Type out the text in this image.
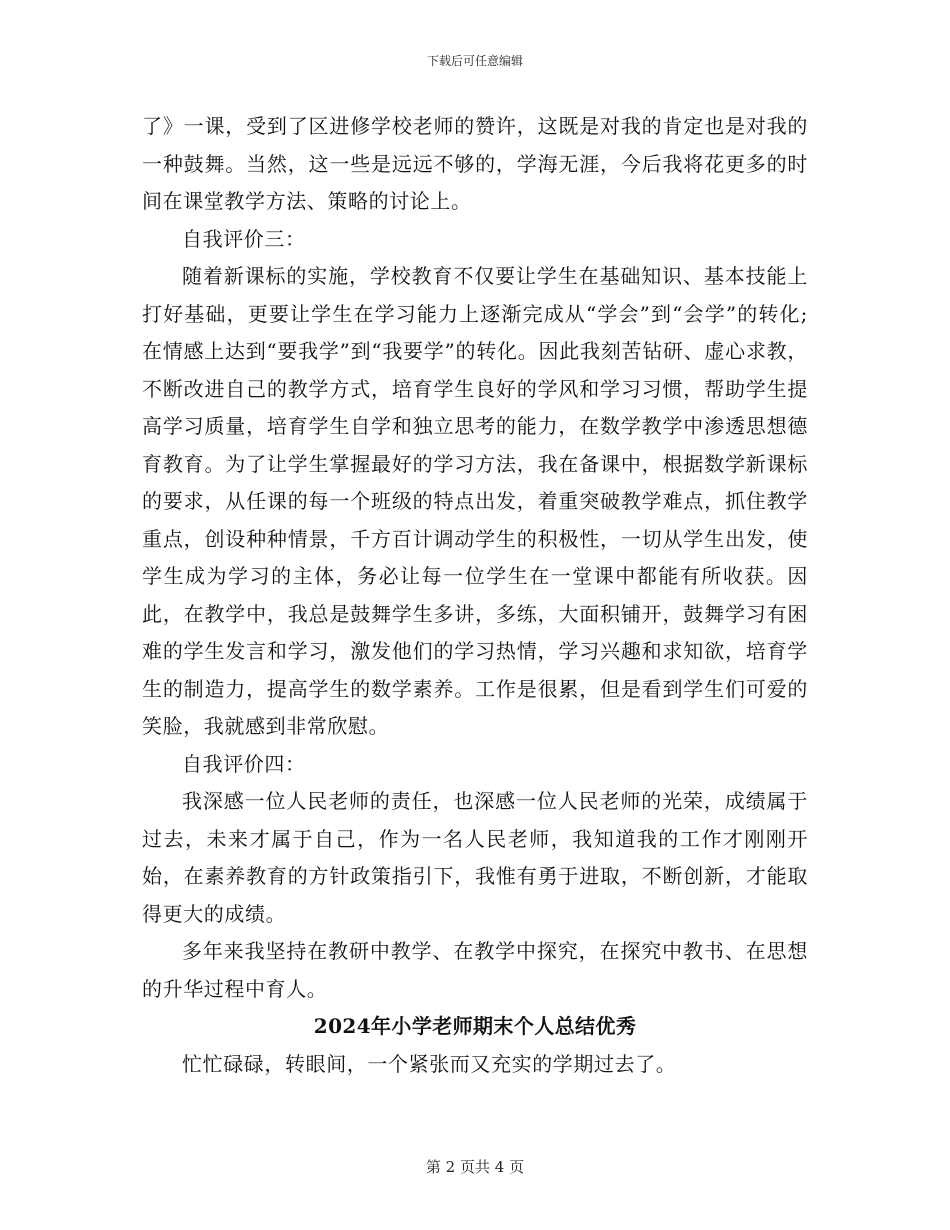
下载后可任意编辑

了》一课，受到了区进修学校老师的赞许，这既是对我的肯定也是对我的一种鼓舞。当然，这一些是远远不够的，学海无涯，今后我将花更多的时间在课堂教学方法、策略的讨论上。

自我评价三：

随着新课标的实施，学校教育不仅要让学生在基础知识、基本技能上打好基础，更要让学生在学习能力上逐渐完成从“学会”到“会学”的转化;在情感上达到“要我学”到“我要学”的转化。因此我刻苦钻研、虚心求教，不断改进自己的教学方式，培育学生良好的学风和学习习惯，帮助学生提高学习质量，培育学生自学和独立思考的能力，在数学教学中渗透思想德育教育。为了让学生掌握最好的学习方法，我在备课中，根据数学新课标的要求，从任课的每一个班级的特点出发，着重突破教学难点，抓住教学重点，创设种种情景，千方百计调动学生的积极性，一切从学生出发，使学生成为学习的主体，务必让每一位学生在一堂课中都能有所收获。因此，在教学中，我总是鼓舞学生多讲，多练，大面积铺开，鼓舞学习有困难的学生发言和学习，激发他们的学习热情，学习兴趣和求知欲，培育学生的制造力，提高学生的数学素养。工作是很累，但是看到学生们可爱的笑脸，我就感到非常欣慰。

自我评价四：

我深感一位人民老师的责任，也深感一位人民老师的光荣，成绩属于过去，未来才属于自己，作为一名人民老师，我知道我的工作才刚刚开始，在素养教育的方针政策指引下，我惟有勇于进取，不断创新，才能取得更大的成绩。

多年来我坚持在教研中教学、在教学中探究，在探究中教书、在思想的升华过程中育人。

2024年小学老师期末个人总结优秀

忙忙碌碌，转眼间，一个紧张而又充实的学期过去了。

第 2 页共 4 页
